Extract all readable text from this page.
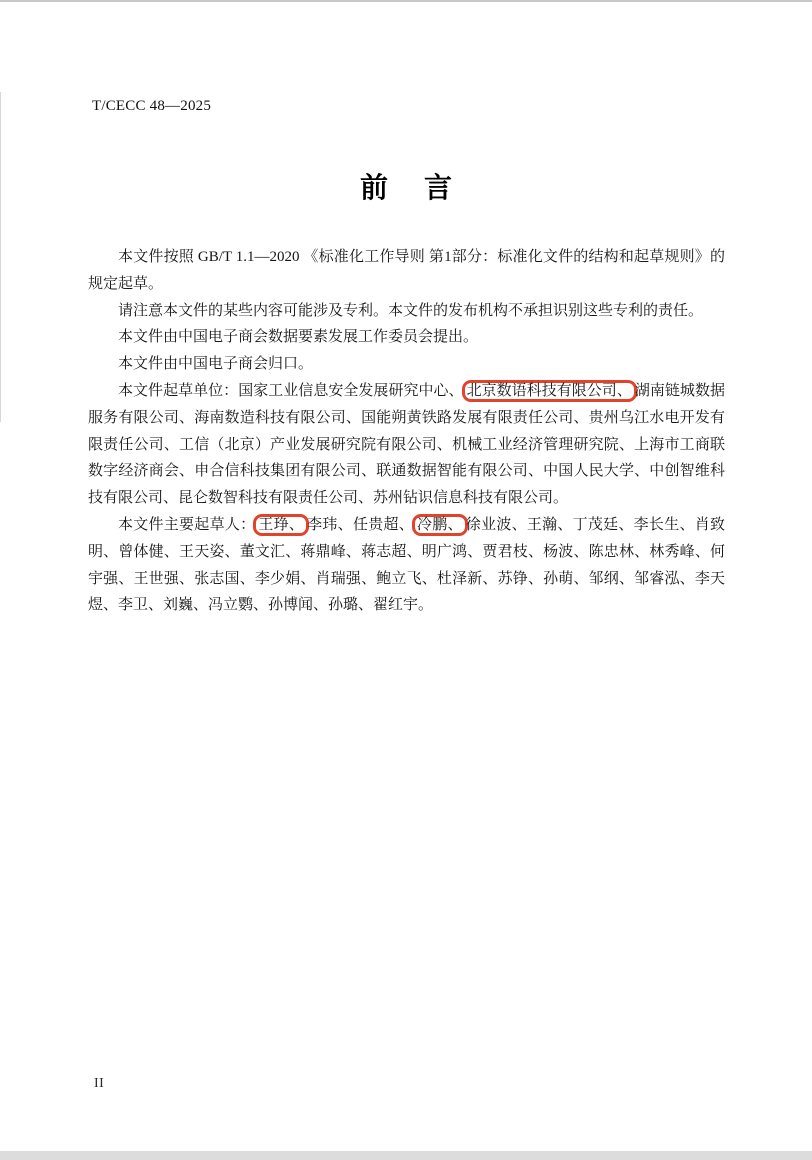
T/CECC 48—2025
前 言

本文件按照 GB/T 1.1—2020 《标准化工作导则 第1部分：标准化文件的结构和起草规则》的规定起草。

请注意本文件的某些内容可能涉及专利。本文件的发布机构不承担识别这些专利的责任。

本文件由中国电子商会数据要素发展工作委员会提出。

本文件由中国电子商会归口。

本文件起草单位：国家工业信息安全发展研究中心、 北京数语科技有限公司、 湖南链城数据服务有限公司、海南数造科技有限公司、国能朔黄铁路发展有限责任公司、贵州乌江水电开发有限责任公司、工信（北京）产业发展研究院有限公司、机械工业经济管理研究院、上海市工商联数字经济商会、申合信科技集团有限公司、联通数据智能有限公司、中国人民大学、中创智维科技有限公司、昆仑数智科技有限责任公司、苏州钻识信息科技有限公司。

本文件主要起草人： 王琤、 李玮、任贵超、 冷鹏、 徐业波、王瀚、丁茂廷、李长生、肖致明、曾体健、王天姿、董文汇、蒋鼎峰、蒋志超、明广鸿、贾君枝、杨波、陈忠林、林秀峰、何宇强、王世强、张志国、李少娟、肖瑞强、鲍立飞、杜泽新、苏铮、孙萌、邹纲、邹睿泓、李天煜、李卫、刘巍、冯立鹦、孙博闻、孙璐、翟红宇。

II
